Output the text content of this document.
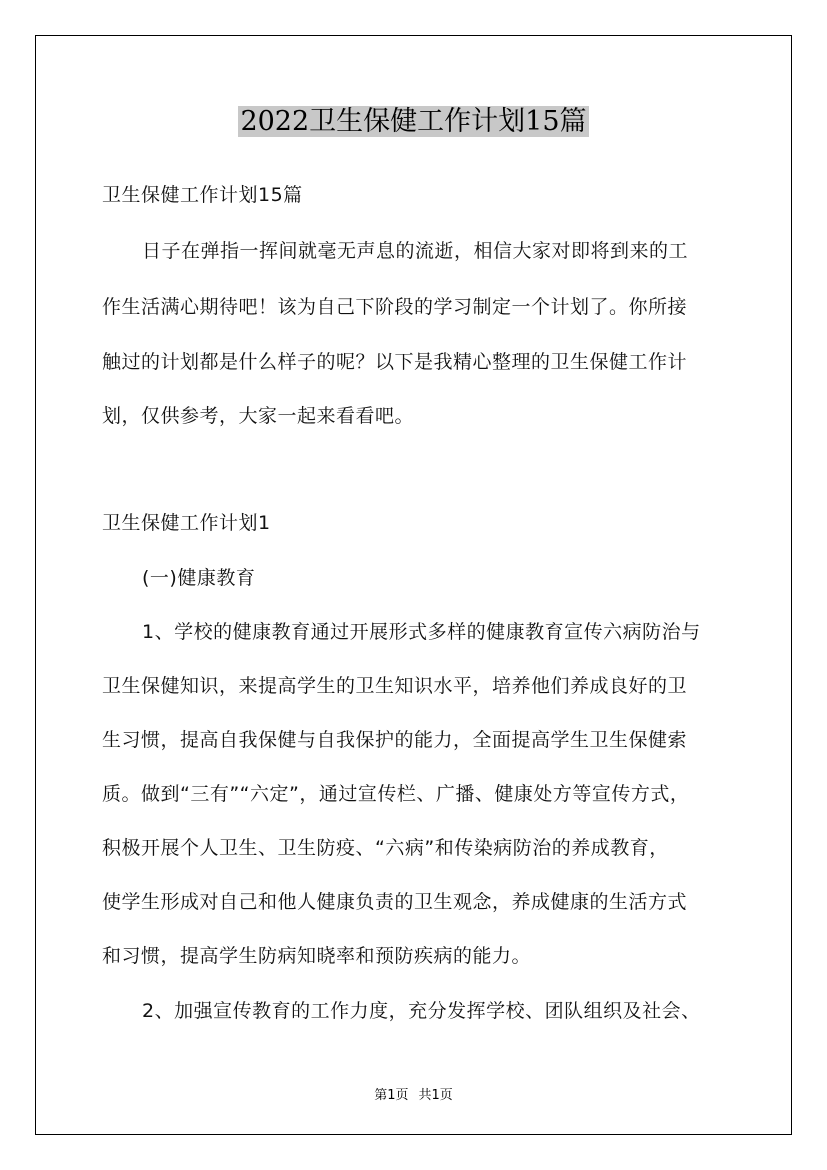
2022卫生保健工作计划15篇
卫生保健工作计划15篇
日子在弹指一挥间就毫无声息的流逝，相信大家对即将到来的工
作生活满心期待吧！该为自己下阶段的学习制定一个计划了。你所接
触过的计划都是什么样子的呢？以下是我精心整理的卫生保健工作计
划，仅供参考，大家一起来看看吧。
卫生保健工作计划1
(一)健康教育
1、学校的健康教育通过开展形式多样的健康教育宣传六病防治与
卫生保健知识，来提高学生的卫生知识水平，培养他们养成良好的卫
生习惯，提高自我保健与自我保护的能力，全面提高学生卫生保健索
质。做到“三有”“六定”，通过宣传栏、广播、健康处方等宣传方式，
积极开展个人卫生、卫生防疫、“六病”和传染病防治的养成教育，
使学生形成对自己和他人健康负责的卫生观念，养成健康的生活方式
和习惯，提高学生防病知晓率和预防疾病的能力。
2、加强宣传教育的工作力度，充分发挥学校、团队组织及社会、
第1页 共1页
